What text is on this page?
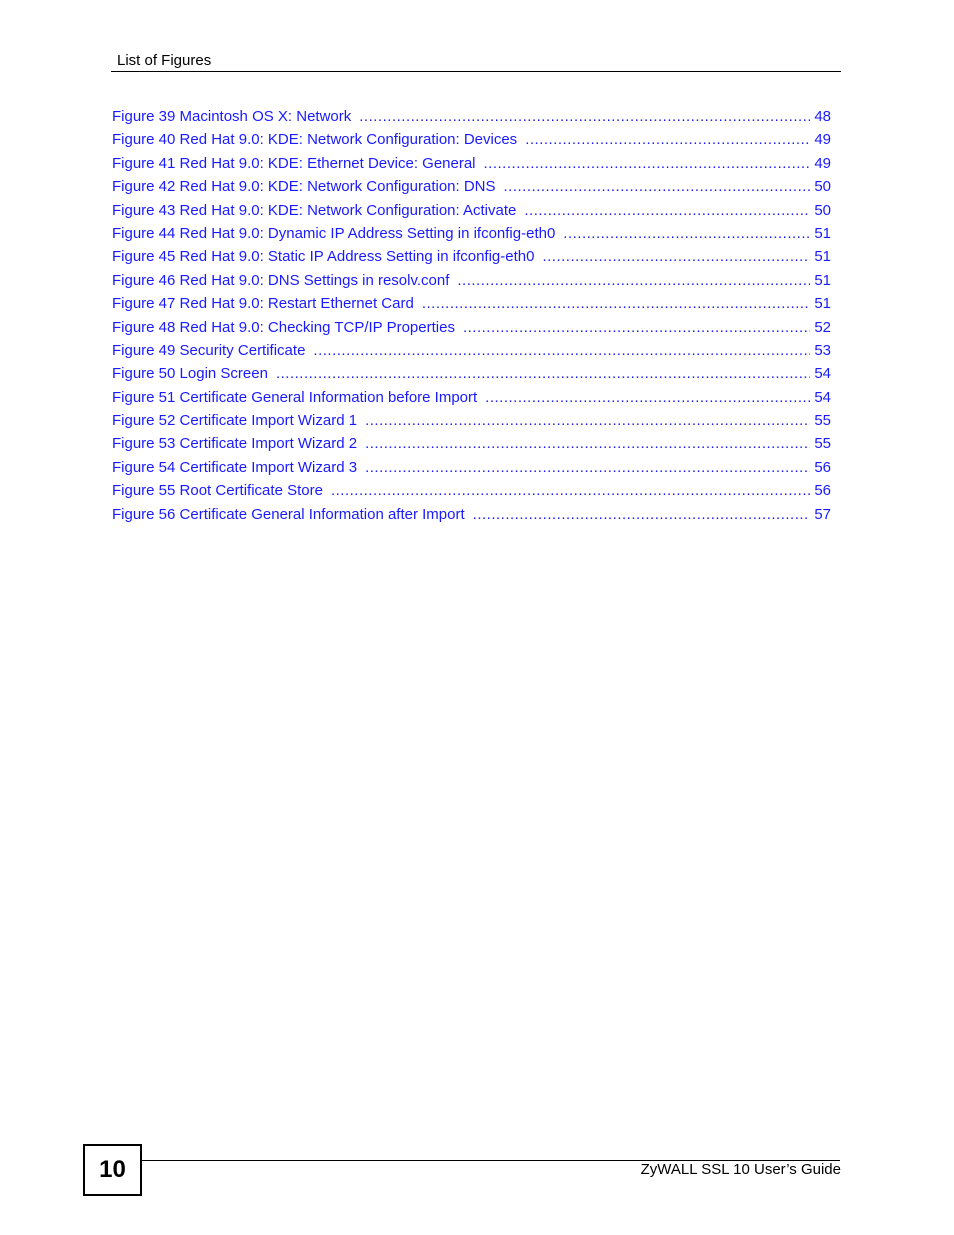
List of Figures
Figure 39 Macintosh OS X: Network .....	48
Figure 40 Red Hat 9.0: KDE: Network Configuration: Devices .....	49
Figure 41 Red Hat 9.0: KDE: Ethernet Device: General .....	49
Figure 42 Red Hat 9.0: KDE: Network Configuration: DNS .....	50
Figure 43 Red Hat 9.0: KDE: Network Configuration: Activate .....	50
Figure 44 Red Hat 9.0: Dynamic IP Address Setting in ifconfig-eth0 .....	51
Figure 45 Red Hat 9.0: Static IP Address Setting in ifconfig-eth0 .....	51
Figure 46 Red Hat 9.0: DNS Settings in resolv.conf .....	51
Figure 47 Red Hat 9.0: Restart Ethernet Card .....	51
Figure 48 Red Hat 9.0: Checking TCP/IP Properties .....	52
Figure 49 Security Certificate .....	53
Figure 50 Login Screen .....	54
Figure 51 Certificate General Information before Import .....	54
Figure 52 Certificate Import Wizard 1 .....	55
Figure 53 Certificate Import Wizard 2 .....	55
Figure 54 Certificate Import Wizard 3 .....	56
Figure 55 Root Certificate Store .....	56
Figure 56 Certificate General Information after Import .....	57
10	ZyWALL SSL 10 User’s Guide
